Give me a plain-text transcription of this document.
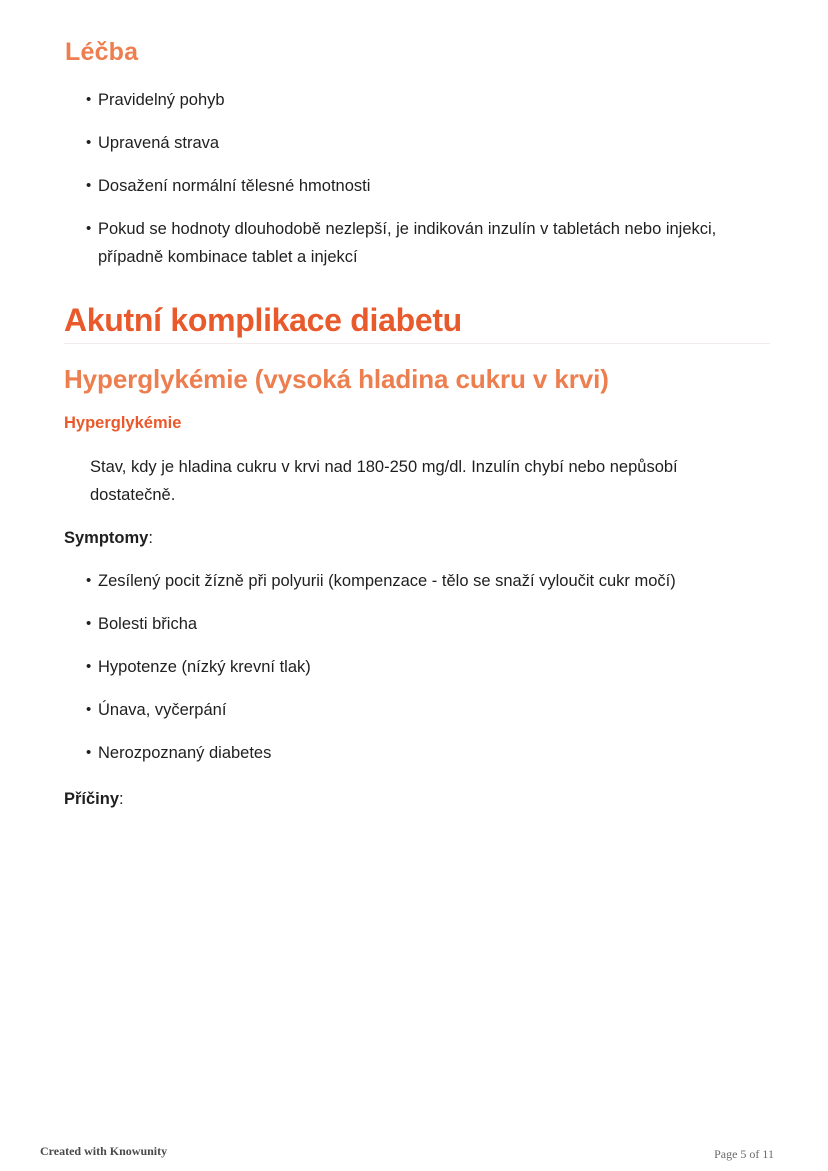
Léčba
• Pravidelný pohyb
• Upravená strava
• Dosažení normální tělesné hmotnosti
• Pokud se hodnoty dlouhodobě nezlepší, je indikován inzulín v tabletách nebo injekci, případně kombinace tablet a injekcí
Akutní komplikace diabetu
Hyperglykémie (vysoká hladina cukru v krvi)
Hyperglykémie

Stav, kdy je hladina cukru v krvi nad 180-250 mg/dl. Inzulín chybí nebo nepůsobí dostatečně.

Symptomy:

• Zesílený pocit žízně při polyurii (kompenzace - tělo se snaží vyloučit cukr močí)
• Bolesti břicha
• Hypotenze (nízký krevní tlak)
• Únava, vyčerpání
• Nerozpoznaný diabetes

Příčiny:

Created with Knowunity	Page 5 of 11
